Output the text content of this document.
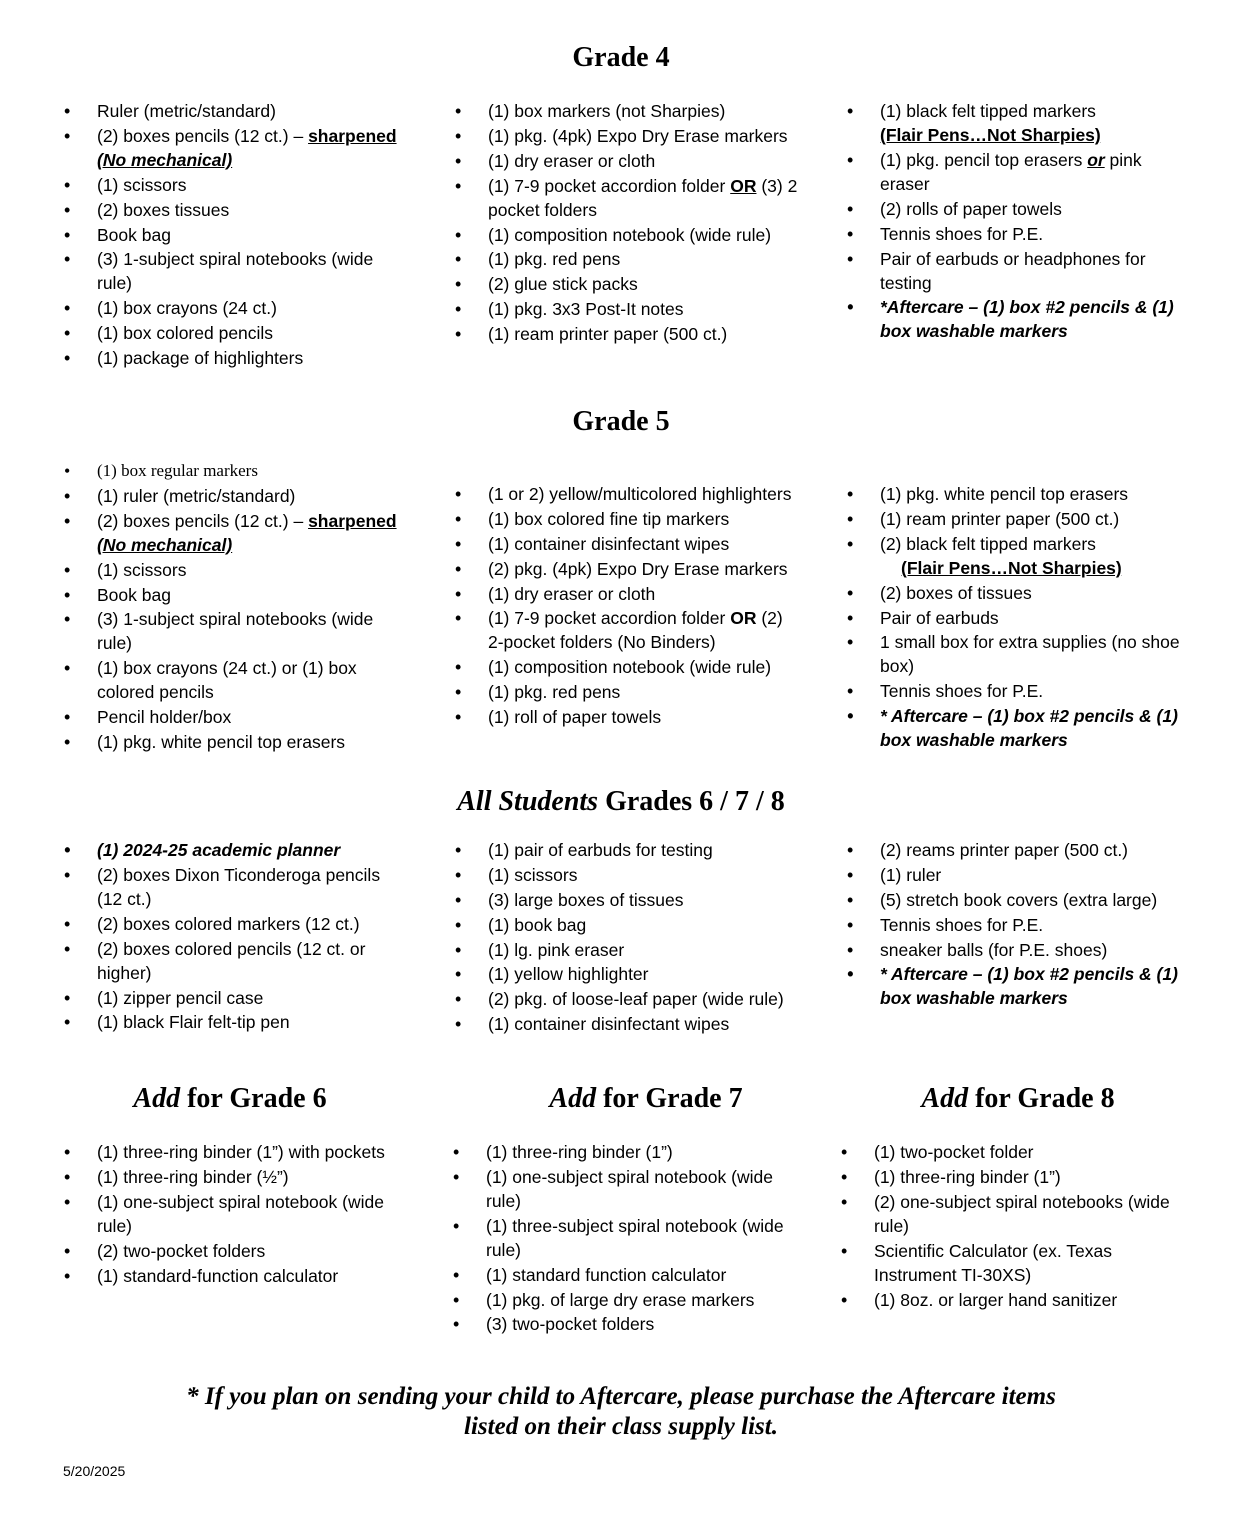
Grade 4
• Ruler (metric/standard)
• (2) boxes pencils (12 ct.) – sharpened
(No mechanical)
• (1) scissors
• (2) boxes tissues
• Book bag
• (3) 1-subject spiral notebooks (wide rule)
• (1) box crayons (24 ct.)
• (1) box colored pencils
• (1) package of highlighters
• (1) box markers (not Sharpies)
• (1) pkg. (4pk) Expo Dry Erase markers
• (1) dry eraser or cloth
• (1) 7-9 pocket accordion folder OR (3) 2 pocket folders
• (1) composition notebook (wide rule)
• (1) pkg. red pens
• (2) glue stick packs
• (1) pkg. 3x3 Post-It notes
• (1) ream printer paper (500 ct.)
• (1) black felt tipped markers
(Flair Pens…Not Sharpies)
• (1) pkg. pencil top erasers or pink eraser
• (2) rolls of paper towels
• Tennis shoes for P.E.
• Pair of earbuds or headphones for testing
• *Aftercare – (1) box #2 pencils & (1) box washable markers
Grade 5
• (1) box regular markers
• (1) ruler (metric/standard)
• (2) boxes pencils (12 ct.) – sharpened
(No mechanical)
• (1) scissors
• Book bag
• (3) 1-subject spiral notebooks (wide rule)
• (1) box crayons (24 ct.) or (1) box colored pencils
• Pencil holder/box
• (1) pkg. white pencil top erasers
• (1 or 2) yellow/multicolored highlighters
• (1) box colored fine tip markers
• (1) container disinfectant wipes
• (2) pkg. (4pk) Expo Dry Erase markers
• (1) dry eraser or cloth
• (1) 7-9 pocket accordion folder OR (2) 2-pocket folders (No Binders)
• (1) composition notebook (wide rule)
• (1) pkg. red pens
• (1) roll of paper towels
• (1) pkg. white pencil top erasers
• (1) ream printer paper (500 ct.)
• (2) black felt tipped markers
(Flair Pens…Not Sharpies)
• (2) boxes of tissues
• Pair of earbuds
• 1 small box for extra supplies (no shoe box)
• Tennis shoes for P.E.
• * Aftercare – (1) box #2 pencils & (1) box washable markers
All Students Grades 6 / 7 / 8
• (1) 2024-25 academic planner
• (2) boxes Dixon Ticonderoga pencils (12 ct.)
• (2) boxes colored markers (12 ct.)
• (2) boxes colored pencils (12 ct. or higher)
• (1) zipper pencil case
• (1) black Flair felt-tip pen
• (1) pair of earbuds for testing
• (1) scissors
• (3) large boxes of tissues
• (1) book bag
• (1) lg. pink eraser
• (1) yellow highlighter
• (2) pkg. of loose-leaf paper (wide rule)
• (1) container disinfectant wipes
• (2) reams printer paper (500 ct.)
• (1) ruler
• (5) stretch book covers (extra large)
• Tennis shoes for P.E.
• sneaker balls (for P.E. shoes)
• * Aftercare – (1) box #2 pencils & (1) box washable markers
Add for Grade 6	Add for Grade 7	Add for Grade 8
• (1) three-ring binder (1”) with pockets
• (1) three-ring binder (½”)
• (1) one-subject spiral notebook (wide rule)
• (2) two-pocket folders
• (1) standard-function calculator
• (1) three-ring binder (1”)
• (1) one-subject spiral notebook (wide rule)
• (1) three-subject spiral notebook (wide rule)
• (1) standard function calculator
• (1) pkg. of large dry erase markers
• (3) two-pocket folders
• (1) two-pocket folder
• (1) three-ring binder (1”)
• (2) one-subject spiral notebooks (wide rule)
• Scientific Calculator (ex. Texas Instrument TI-30XS)
• (1) 8oz. or larger hand sanitizer
* If you plan on sending your child to Aftercare, please purchase the Aftercare items
listed on their class supply list.
5/20/2025
